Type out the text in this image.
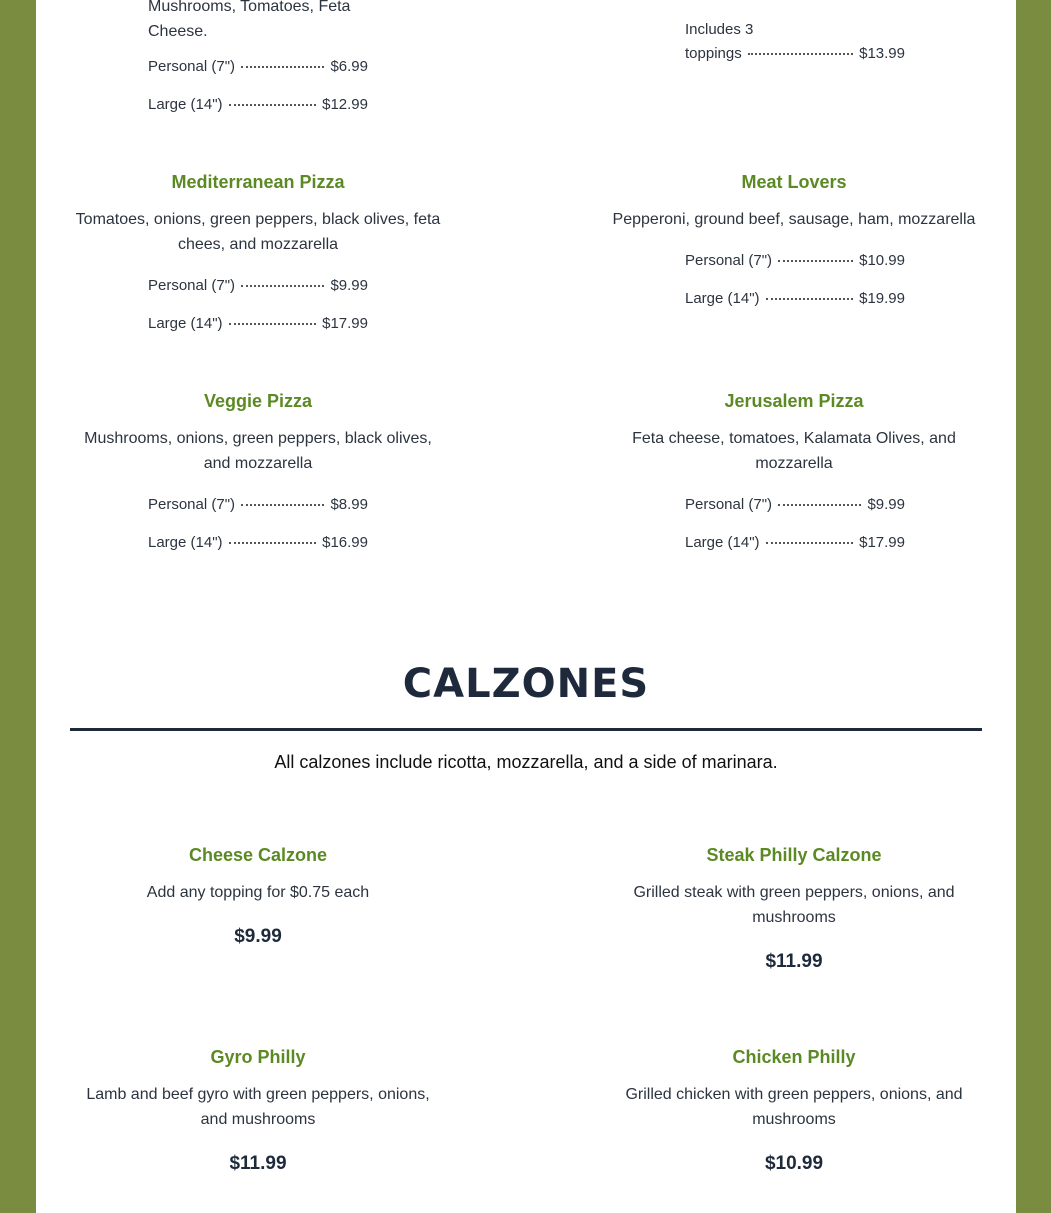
Mushrooms, Tomatoes, Feta
Cheese.
Personal (7")	$6.99
Large (14")	$12.99
Includes 3
toppings	$13.99
Mediterranean Pizza
Tomatoes, onions, green peppers, black olives, feta
chees, and mozzarella
Personal (7")	$9.99
Large (14")	$17.99
Meat Lovers
Pepperoni, ground beef, sausage, ham, mozzarella
Personal (7")	$10.99
Large (14")	$19.99
Veggie Pizza
Mushrooms, onions, green peppers, black olives,
and mozzarella
Personal (7")	$8.99
Large (14")	$16.99
Jerusalem Pizza
Feta cheese, tomatoes, Kalamata Olives, and
mozzarella
Personal (7")	$9.99
Large (14")	$17.99
CALZONES
All calzones include ricotta, mozzarella, and a side of marinara.
Cheese Calzone
Add any topping for $0.75 each
$9.99
Steak Philly Calzone
Grilled steak with green peppers, onions, and
mushrooms
$11.99
Gyro Philly
Lamb and beef gyro with green peppers, onions,
and mushrooms
$11.99
Chicken Philly
Grilled chicken with green peppers, onions, and
mushrooms
$10.99
